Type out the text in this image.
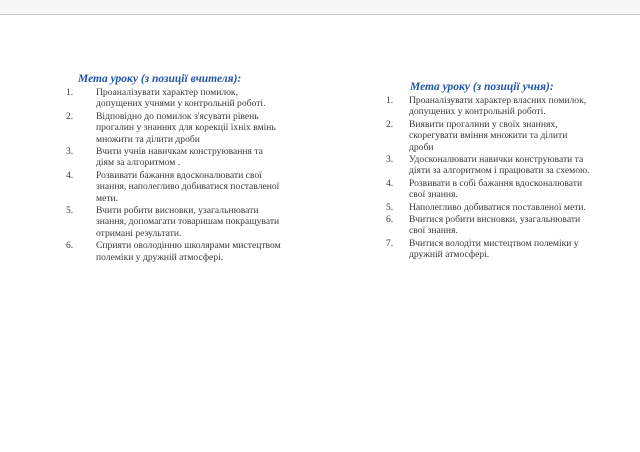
Мета уроку (з позиції вчителя):

1.	Проаналізувати характер помилок, допущених учнями у контрольній роботі.
2.	Відповідно до помилок з'ясувати рівень прогалин у знаннях для корекції їхніх вмінь множити та ділити дроби
3.	Вчити учнів навичкам конструювання та діям за алгоритмом .
4.	Розвивати бажання вдосконалювати свої знання, наполегливо добиватися поставленої мети.
5.	Вчити робити висновки, узагальнювати знання, допомагати товаришам покращувати отримані результати.
6.	Сприяти оволодінню школярами мистецтвом полеміки у дружній атмосфері.

Мета уроку (з позиції учня):

1.	Проаналізувати характер власних помилок, допущених у контрольній роботі.
2.	Виявити прогалини у своїх знаннях, скорегувати вміння множити та ділити дроби
3.	Удосконалювати навички конструювати та діяти за алгоритмом і працювати за схемою.
4.	Розвивати в собі бажання вдосконалювати свої знання.
5.	Наполегливо добиватися поставленої мети.
6.	Вчитися робити висновки, узагальнювати свої знання.
7.	Вчитися володіти мистецтвом полеміки у дружній атмосфері.
